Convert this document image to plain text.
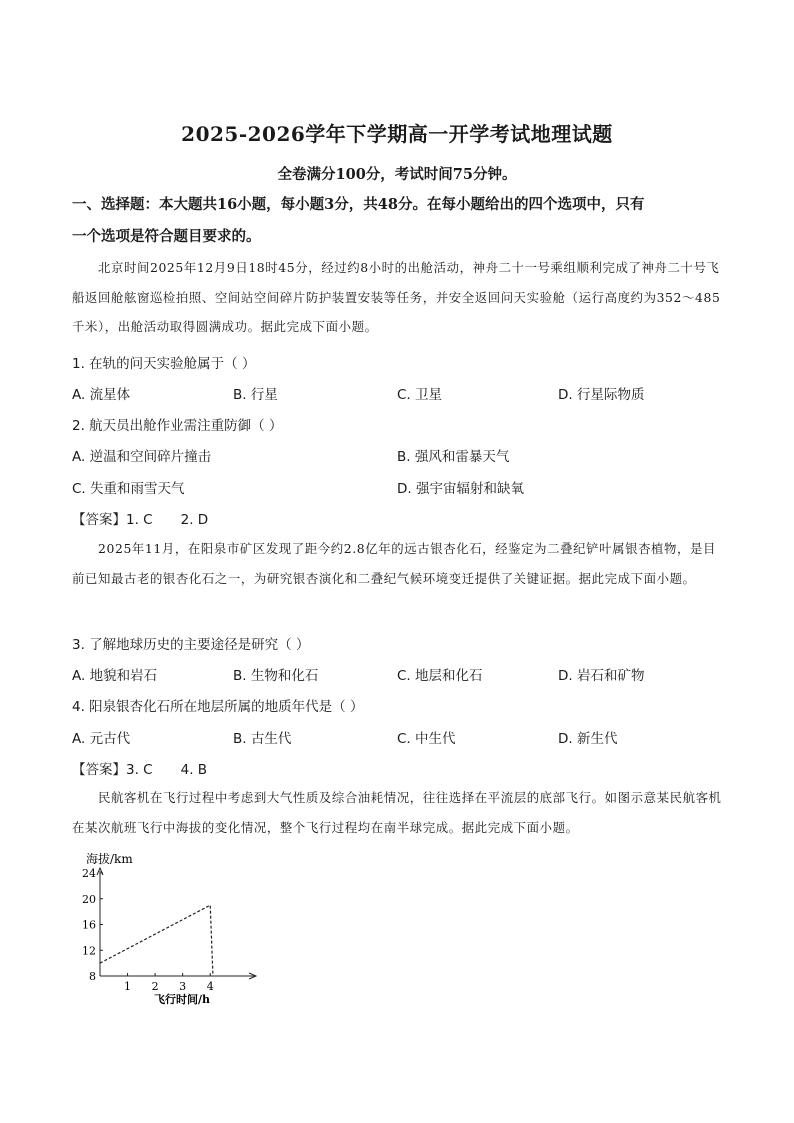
2025-2026学年下学期高一开学考试地理试题
全卷满分100分，考试时间75分钟。
一、选择题：本大题共16小题，每小题3分，共48分。在每小题给出的四个选项中，只有
一个选项是符合题目要求的。
北京时间2025年12月9日18时45分，经过约8小时的出舱活动，神舟二十一号乘组顺利完成了神舟二十号飞船返回舱舷窗巡检拍照、空间站空间碎片防护装置安装等任务，并安全返回问天实验舱（运行高度约为352～485千米），出舱活动取得圆满成功。据此完成下面小题。
1. 在轨的问天实验舱属于（ ）
A. 流星体	B. 行星	C. 卫星	D. 行星际物质
2. 航天员出舱作业需注重防御（ ）
A. 逆温和空间碎片撞击	B. 强风和雷暴天气
C. 失重和雨雪天气	D. 强宇宙辐射和缺氧
【答案】1. C 2. D
2025年11月，在阳泉市矿区发现了距今约2.8亿年的远古银杏化石，经鉴定为二叠纪铲叶属银杏植物，是目前已知最古老的银杏化石之一，为研究银杏演化和二叠纪气候环境变迁提供了关键证据。据此完成下面小题。
3. 了解地球历史的主要途径是研究（ ）
A. 地貌和岩石	B. 生物和化石	C. 地层和化石	D. 岩石和矿物
4. 阳泉银杏化石所在地层所属的地质年代是（ ）
A. 元古代	B. 古生代	C. 中生代	D. 新生代
【答案】3. C 4. B
民航客机在飞行过程中考虑到大气性质及综合油耗情况，往往选择在平流层的底部飞行。如图示意某民航客机在某次航班飞行中海拔的变化情况，整个飞行过程均在南半球完成。据此完成下面小题。
海拔/km
飞行时间/h
8
12
16
20
24
1 2 3 4
